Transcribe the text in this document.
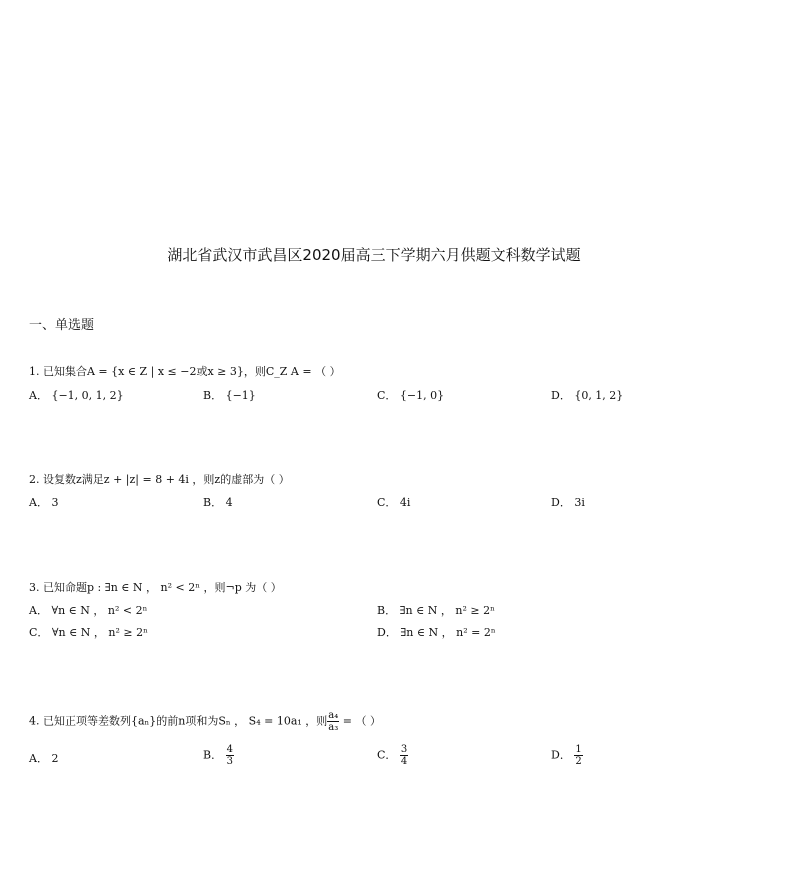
湖北省武汉市武昌区2020届高三下学期六月供题文科数学试题
一、单选题
1. 已知集合A = {x ∈ Z | x ≤ −2或x ≥ 3}，则C_Z A = （ ）
A． {−1, 0, 1, 2}	B． {−1}	C． {−1, 0}	D． {0, 1, 2}
2. 设复数z满足z + |z| = 8 + 4i ，则z的虚部为（ ）
A． 3	B． 4	C． 4i	D． 3i
3. 已知命题p : ∃n ∈ N ， n² < 2ⁿ ，则¬p 为（ ）
A． ∀n ∈ N ， n² < 2ⁿ	B． ∃n ∈ N ， n² ≥ 2ⁿ
C． ∀n ∈ N ， n² ≥ 2ⁿ	D． ∃n ∈ N ， n² = 2ⁿ
4. 已知正项等差数列{aₙ}的前n项和为Sₙ ， S₄ = 10a₁ ，则 $\frac{\text{a₄}}{\text{a₃}}$ = （ ）
A． 2	B． $\frac{4}{3}$	C． $\frac{3}{4}$	D． $\frac{1}{2}$
